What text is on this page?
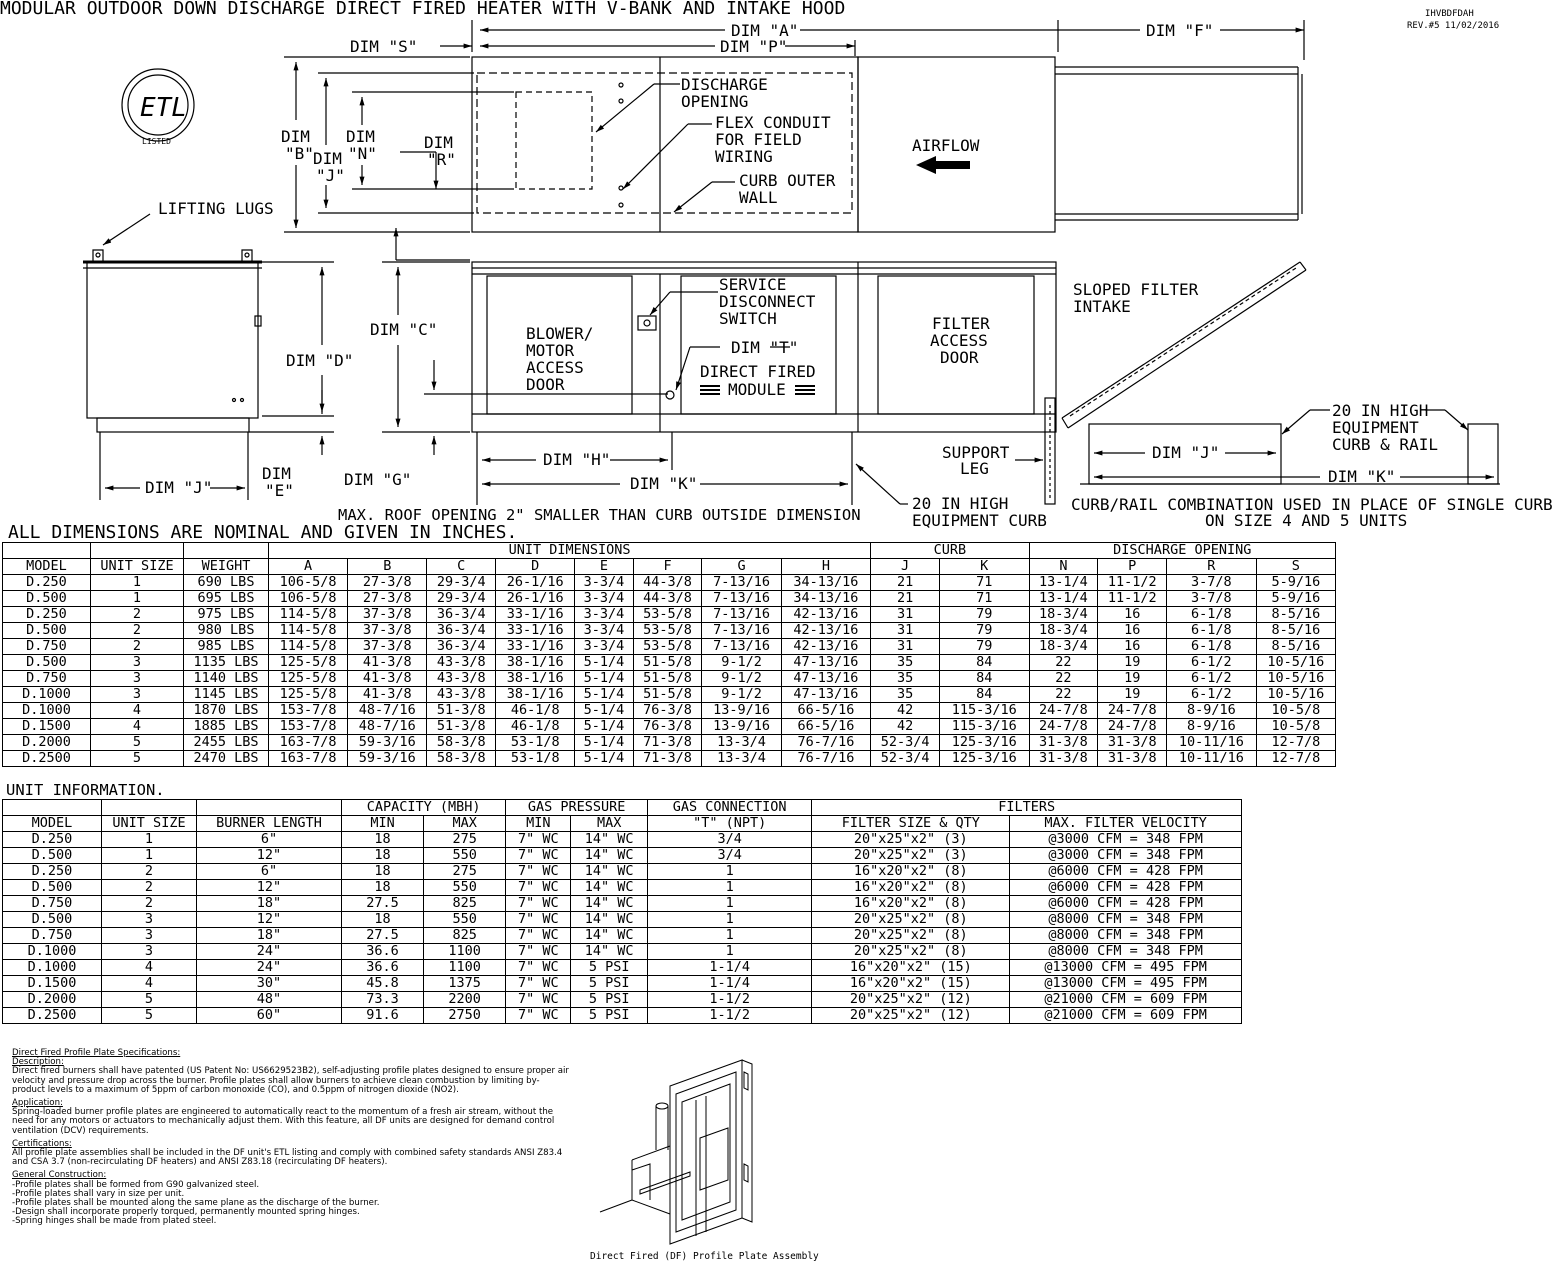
ETL
LISTED
MODULAR OUTDOOR DOWN DISCHARGE DIRECT FIRED HEATER WITH V-BANK AND INTAKE HOOD	IHVBDFDAH
REV.#5 11/02/2016
DIM "A"	DIM "F"
DIM "S"	DIM "P"
DIM
"B"
DIM
"N"
DIM
"J"
DIM
"R"
DISCHARGE
OPENING
FLEX CONDUIT
FOR FIELD
WIRING
CURB OUTER
WALL
AIRFLOW
LIFTING LUGS
DIM "D"
DIM "C"
DIM "J"
DIM
"E"
DIM "G"
DIM "H"
DIM "K"
DIM "T"
BLOWER/
MOTOR
ACCESS
DOOR
SERVICE
DISCONNECT
SWITCH
DIRECT FIRED
MODULE
FILTER
ACCESS
DOOR
SLOPED FILTER
INTAKE
SUPPORT
LEG
20 IN HIGH
EQUIPMENT CURB
20 IN HIGH
EQUIPMENT
CURB & RAIL
DIM "J"
DIM "K"
CURB/RAIL COMBINATION USED IN PLACE OF SINGLE CURB
ON SIZE 4 AND 5 UNITS
MAX. ROOF OPENING 2" SMALLER THAN CURB OUTSIDE DIMENSION
ALL DIMENSIONS ARE NOMINAL AND GIVEN IN INCHES.
UNIT INFORMATION.
Direct Fired (DF) Profile Plate Assembly
			UNIT DIMENSIONS								CURB		DISCHARGE OPENING			
MODEL	UNIT SIZE	WEIGHT	A	B	C	D	E	F	G	H	J	K	N	P	R	S
D.250	1	690 LBS	106-5/8	27-3/8	29-3/4	26-1/16	3-3/4	44-3/8	7-13/16	34-13/16	21	71	13-1/4	11-1/2	3-7/8	5-9/16
D.500	1	695 LBS	106-5/8	27-3/8	29-3/4	26-1/16	3-3/4	44-3/8	7-13/16	34-13/16	21	71	13-1/4	11-1/2	3-7/8	5-9/16
D.250	2	975 LBS	114-5/8	37-3/8	36-3/4	33-1/16	3-3/4	53-5/8	7-13/16	42-13/16	31	79	18-3/4	16	6-1/8	8-5/16
D.500	2	980 LBS	114-5/8	37-3/8	36-3/4	33-1/16	3-3/4	53-5/8	7-13/16	42-13/16	31	79	18-3/4	16	6-1/8	8-5/16
D.750	2	985 LBS	114-5/8	37-3/8	36-3/4	33-1/16	3-3/4	53-5/8	7-13/16	42-13/16	31	79	18-3/4	16	6-1/8	8-5/16
D.500	3	1135 LBS	125-5/8	41-3/8	43-3/8	38-1/16	5-1/4	51-5/8	9-1/2	47-13/16	35	84	22	19	6-1/2	10-5/16
D.750	3	1140 LBS	125-5/8	41-3/8	43-3/8	38-1/16	5-1/4	51-5/8	9-1/2	47-13/16	35	84	22	19	6-1/2	10-5/16
D.1000	3	1145 LBS	125-5/8	41-3/8	43-3/8	38-1/16	5-1/4	51-5/8	9-1/2	47-13/16	35	84	22	19	6-1/2	10-5/16
D.1000	4	1870 LBS	153-7/8	48-7/16	51-3/8	46-1/8	5-1/4	76-3/8	13-9/16	66-5/16	42	115-3/16	24-7/8	24-7/8	8-9/16	10-5/8
D.1500	4	1885 LBS	153-7/8	48-7/16	51-3/8	46-1/8	5-1/4	76-3/8	13-9/16	66-5/16	42	115-3/16	24-7/8	24-7/8	8-9/16	10-5/8
D.2000	5	2455 LBS	163-7/8	59-3/16	58-3/8	53-1/8	5-1/4	71-3/8	13-3/4	76-7/16	52-3/4	125-3/16	31-3/8	31-3/8	10-11/16	12-7/8
D.2500	5	2470 LBS	163-7/8	59-3/16	58-3/8	53-1/8	5-1/4	71-3/8	13-3/4	76-7/16	52-3/4	125-3/16	31-3/8	31-3/8	10-11/16	12-7/8
			CAPACITY (MBH)		GAS PRESSURE		GAS CONNECTION	FILTERS	
MODEL	UNIT SIZE	BURNER LENGTH	MIN	MAX	MIN	MAX	"T" (NPT)	FILTER SIZE & QTY	MAX. FILTER VELOCITY
D.250	1	6"	18	275	7" WC	14" WC	3/4	20"x25"x2" (3)	@3000 CFM = 348 FPM
D.500	1	12"	18	550	7" WC	14" WC	3/4	20"x25"x2" (3)	@3000 CFM = 348 FPM
D.250	2	6"	18	275	7" WC	14" WC	1	16"x20"x2" (8)	@6000 CFM = 428 FPM
D.500	2	12"	18	550	7" WC	14" WC	1	16"x20"x2" (8)	@6000 CFM = 428 FPM
D.750	2	18"	27.5	825	7" WC	14" WC	1	16"x20"x2" (8)	@6000 CFM = 428 FPM
D.500	3	12"	18	550	7" WC	14" WC	1	20"x25"x2" (8)	@8000 CFM = 348 FPM
D.750	3	18"	27.5	825	7" WC	14" WC	1	20"x25"x2" (8)	@8000 CFM = 348 FPM
D.1000	3	24"	36.6	1100	7" WC	14" WC	1	20"x25"x2" (8)	@8000 CFM = 348 FPM
D.1000	4	24"	36.6	1100	7" WC	5 PSI	1-1/4	16"x20"x2" (15)	@13000 CFM = 495 FPM
D.1500	4	30"	45.8	1375	7" WC	5 PSI	1-1/4	16"x20"x2" (15)	@13000 CFM = 495 FPM
D.2000	5	48"	73.3	2200	7" WC	5 PSI	1-1/2	20"x25"x2" (12)	@21000 CFM = 609 FPM
D.2500	5	60"	91.6	2750	7" WC	5 PSI	1-1/2	20"x25"x2" (12)	@21000 CFM = 609 FPM
Direct Fired Profile Plate Specifications:
Description:
Direct fired burners shall have patented (US Patent No: US6629523B2), self-adjusting profile plates designed to ensure proper air velocity and pressure drop across the burner. Profile plates shall allow burners to achieve clean combustion by limiting by-product levels to a maximum of 5ppm of carbon monoxide (CO), and 0.5ppm of nitrogen dioxide (NO2).
Application:
Spring-loaded burner profile plates are engineered to automatically react to the momentum of a fresh air stream, without the need for any motors or actuators to mechanically adjust them. With this feature, all DF units are designed for demand control ventilation (DCV) requirements.
Certifications:
All profile plate assemblies shall be included in the DF unit's ETL listing and comply with combined safety standards ANSI Z83.4 and CSA 3.7 (non-recirculating DF heaters) and ANSI Z83.18 (recirculating DF heaters).
General Construction:
-Profile plates shall be formed from G90 galvanized steel.
-Profile plates shall vary in size per unit.
-Profile plates shall be mounted along the same plane as the discharge of the burner.
-Design shall incorporate properly torqued, permanently mounted spring hinges.
-Spring hinges shall be made from plated steel.
